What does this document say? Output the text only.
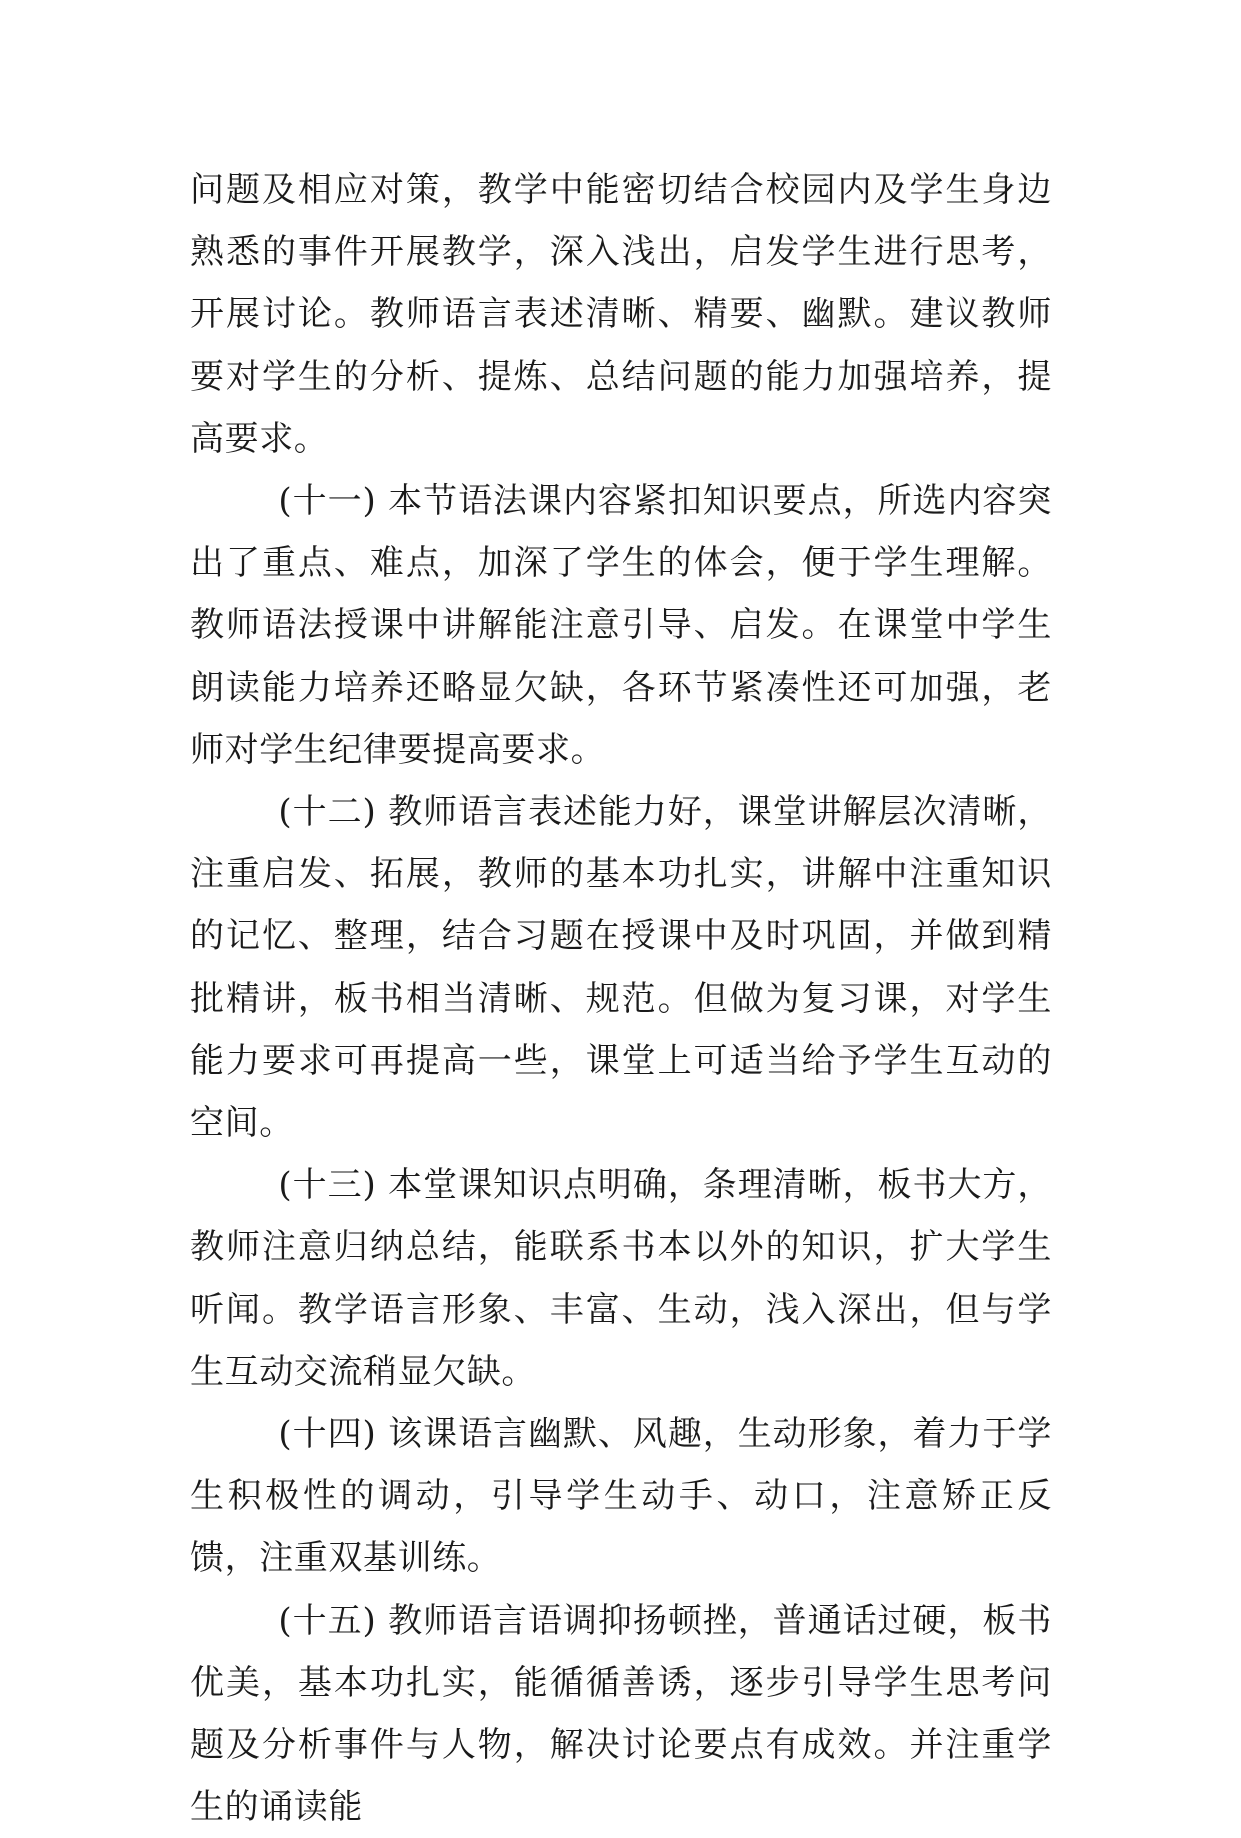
问题及相应对策，教学中能密切结合校园内及学生身边熟悉的事件开展教学，深入浅出，启发学生进行思考，开展讨论。教师语言表述清晰、精要、幽默。建议教师要对学生的分析、提炼、总结问题的能力加强培养，提高要求。

(十一) 本节语法课内容紧扣知识要点，所选内容突出了重点、难点，加深了学生的体会，便于学生理解。教师语法授课中讲解能注意引导、启发。在课堂中学生朗读能力培养还略显欠缺，各环节紧凑性还可加强，老师对学生纪律要提高要求。

(十二) 教师语言表述能力好，课堂讲解层次清晰，注重启发、拓展，教师的基本功扎实，讲解中注重知识的记忆、整理，结合习题在授课中及时巩固，并做到精批精讲，板书相当清晰、规范。但做为复习课，对学生能力要求可再提高一些，课堂上可适当给予学生互动的空间。

(十三) 本堂课知识点明确，条理清晰，板书大方，教师注意归纳总结，能联系书本以外的知识，扩大学生听闻。教学语言形象、丰富、生动，浅入深出，但与学生互动交流稍显欠缺。

(十四) 该课语言幽默、风趣，生动形象，着力于学生积极性的调动，引导学生动手、动口，注意矫正反馈，注重双基训练。

(十五) 教师语言语调抑扬顿挫，普通话过硬，板书优美，基本功扎实，能循循善诱，逐步引导学生思考问题及分析事件与人物，解决讨论要点有成效。并注重学生的诵读能
